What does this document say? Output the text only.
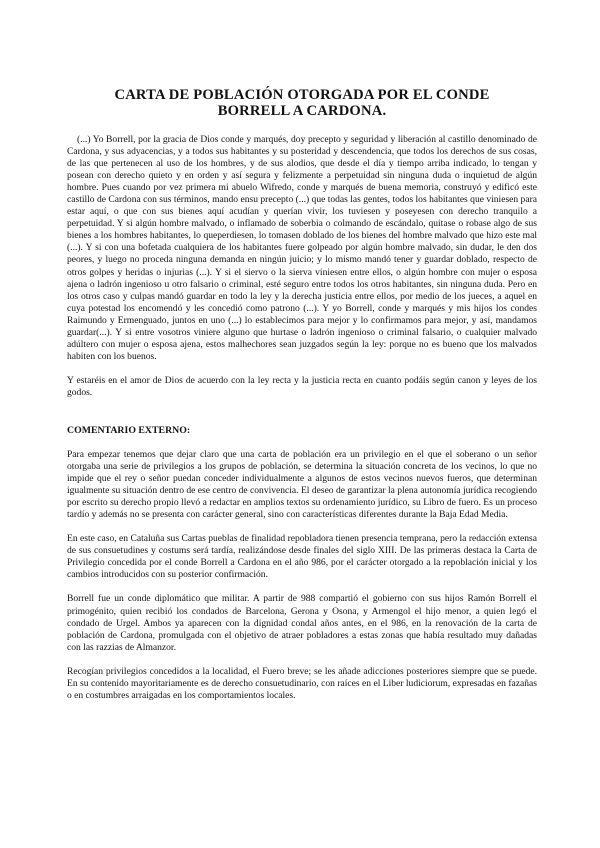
CARTA DE POBLACIÓN OTORGADA POR EL CONDE
BORRELL A CARDONA.

(...) Yo Borrell, por la gracia de Dios conde y marqués, doy precepto y seguridad y liberación al castillo denominado de Cardona, y sus adyacencias, y a todos sus habitantes y su posteridad y descendencia, que todos los derechos de sus cosas, de las que pertenecen al uso de los hombres, y de sus alodios, que desde el día y tiempo arriba indicado, lo tengan y posean con derecho quieto y en orden y así segura y felizmente a perpetuidad sin ninguna duda o inquietud de algún hombre. Pues cuando por vez primera mi abuelo Wifredo, conde y marqués de buena memoria, construyó y edificó este castillo de Cardona con sus términos, mando ensu precepto (...) que todas las gentes, todos los habitantes que viniesen para estar aquí, o que con sus bienes aquí acudían y querían vivir, los tuviesen y poseyesen con derecho tranquilo a perpetuidad. Y si algún hombre malvado, o inflamado de soberbia o colmando de escándalo, quitase o robase algo de sus bienes a los hombres habitantes, lo queperdiesen, lo tomasen doblado de los bienes del hombre malvado que hizo este mal (...). Y si con una bofetada cualquiera de los habitantes fuere golpeado por algún hombre malvado, sin dudar, le den dos peores, y luego no proceda ninguna demanda en ningún juicio; y lo mismo mandó tener y guardar doblado, respecto de otros golpes y heridas o injurias (...). Y si el siervo o la sierva viniesen entre ellos, o algún hombre con mujer o esposa ajena o ladrón ingenioso u otro falsario o criminal, esté seguro entre todos los otros habitantes, sin ninguna duda. Pero en los otros caso y culpas mandó guardar en todo la ley y la derecha justicia entre ellos, por medio de los jueces, a aquel en cuya potestad los encomendó y les concedió como patrono (...). Y yo Borrell, conde y marqués y mis hijos los condes Raimundo y Ermenguado, juntos en uno (...) lo establecimos para mejor y lo confirmamos para mejor, y así, mandamos guardar(...). Y si entre vosotros viniere alguno que hurtase o ladrón ingenioso o criminal falsario, o cualquier malvado adúltero con mujer o esposa ajena, estos malhechores sean juzgados según la ley: porque no es bueno que los malvados habiten con los buenos.

Y estaréis en el amor de Dios de acuerdo con la ley recta y la justicia recta en cuanto podáis según canon y leyes de los godos.

COMENTARIO EXTERNO:

Para empezar tenemos que dejar claro que una carta de población era un privilegio en el que el soberano o un señor otorgaba una serie de privilegios a los grupos de población, se determina la situación concreta de los vecinos, lo que no impide que el rey o señor puedan conceder individualmente a algunos de estos vecinos nuevos fueros, que determinan igualmente su situación dentro de ese centro de convivencia. El deseo de garantizar la plena autonomía jurídica recogiendo por escrito su derecho propio llevó a redactar en amplios textos su ordenamiento jurídico, su Libro de fuero. Es un proceso tardío y además no se presenta con carácter general, sino con características diferentes durante la Baja Edad Media.

En este caso, en Cataluña sus Cartas pueblas de finalidad repobladora tienen presencia temprana, pero la redacción extensa de sus consuetudines y costums será tardía, realizándose desde finales del siglo XIII. De las primeras destaca la Carta de Privilegio concedida por el conde Borrell a Cardona en el año 986, por el carácter otorgado a la repoblación inicial y los cambios introducidos con su posterior confirmación.

Borrell fue un conde diplomático que militar. A partir de 988 compartió el gobierno con sus hijos Ramón Borrell el primogénito, quien recibió los condados de Barcelona, Gerona y Osona, y Armengol el hijo menor, a quien legó el condado de Urgel. Ambos ya aparecen con la dignidad condal años antes, en el 986, en la renovación de la carta de población de Cardona, promulgada con el objetivo de atraer pobladores a estas zonas que había resultado muy dañadas con las razzias de Almanzor.

Recogían privilegios concedidos a la localidad, el Fuero breve; se les añade adicciones posteriores siempre que se puede. En su contenido mayoritariamente es de derecho consuetudinario, con raíces en el Liber ludiciorum, expresadas en fazañas o en costumbres arraigadas en los comportamientos locales.
